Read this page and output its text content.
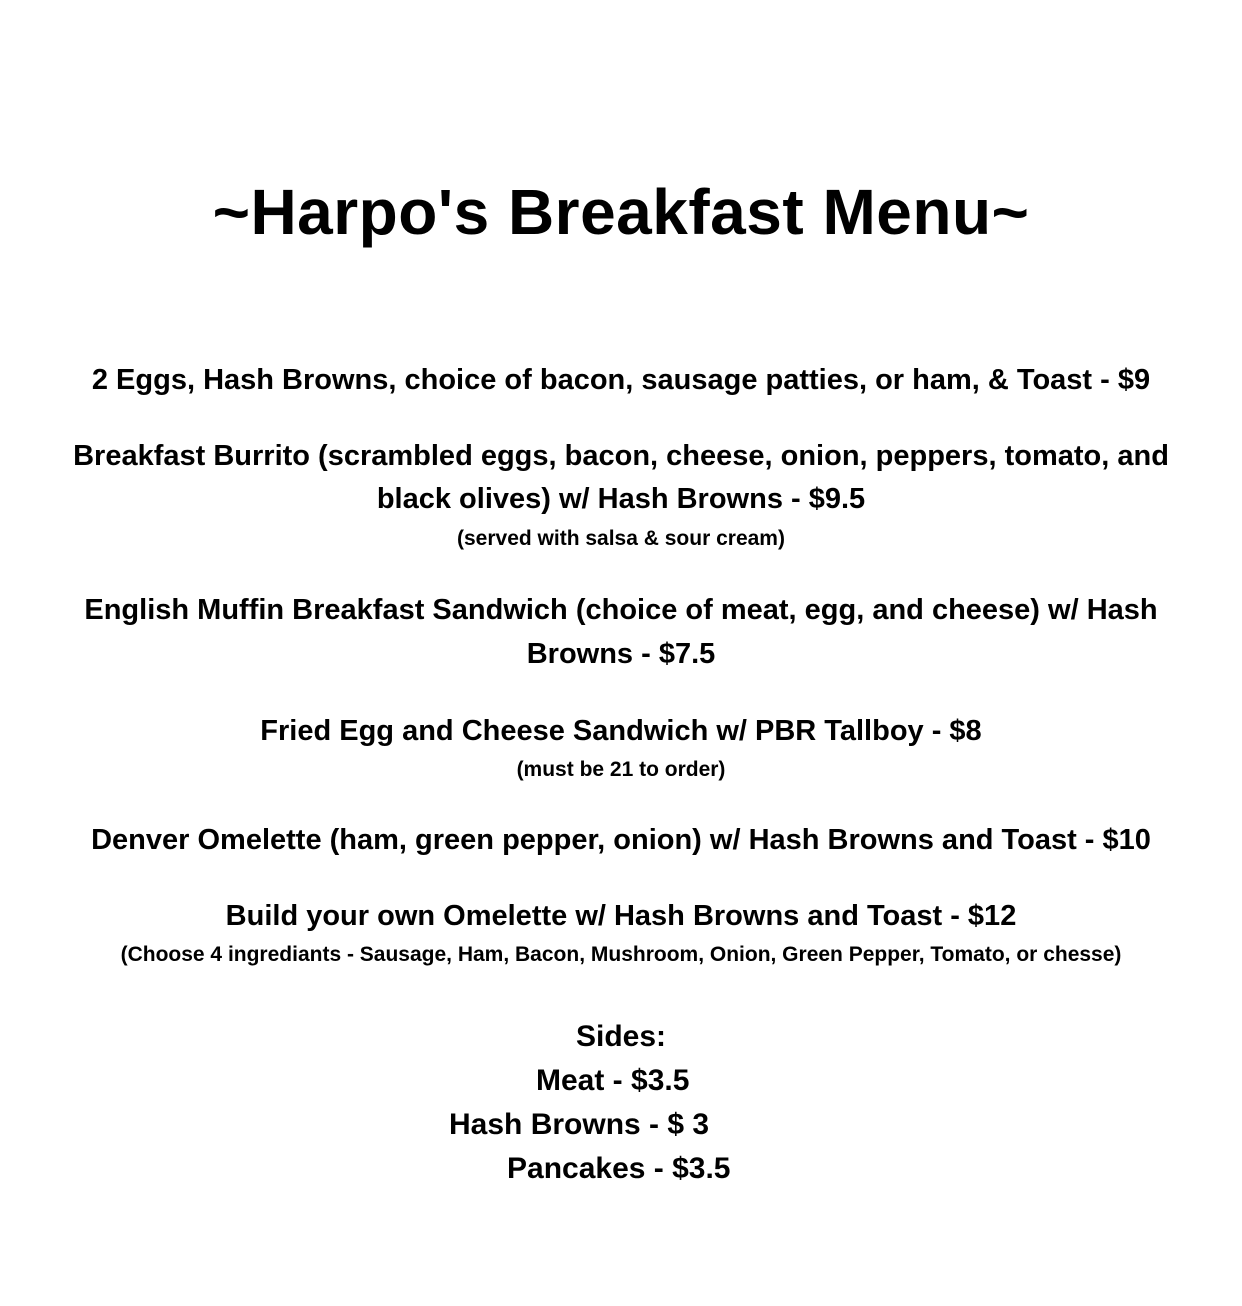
~Harpo's Breakfast Menu~
2 Eggs, Hash Browns, choice of bacon, sausage patties, or ham, & Toast - $9
Breakfast Burrito (scrambled eggs, bacon, cheese, onion, peppers, tomato, and
black olives) w/ Hash Browns - $9.5
(served with salsa & sour cream)
English Muffin Breakfast Sandwich (choice of meat, egg, and cheese) w/ Hash
Browns - $7.5
Fried Egg and Cheese Sandwich w/ PBR Tallboy - $8
(must be 21 to order)
Denver Omelette (ham, green pepper, onion) w/ Hash Browns and Toast - $10
Build your own Omelette w/ Hash Browns and Toast - $12
(Choose 4 ingrediants - Sausage, Ham, Bacon, Mushroom, Onion, Green Pepper, Tomato, or chesse)
Sides:
Meat - $3.5
Hash Browns - $ 3
Pancakes - $3.5
